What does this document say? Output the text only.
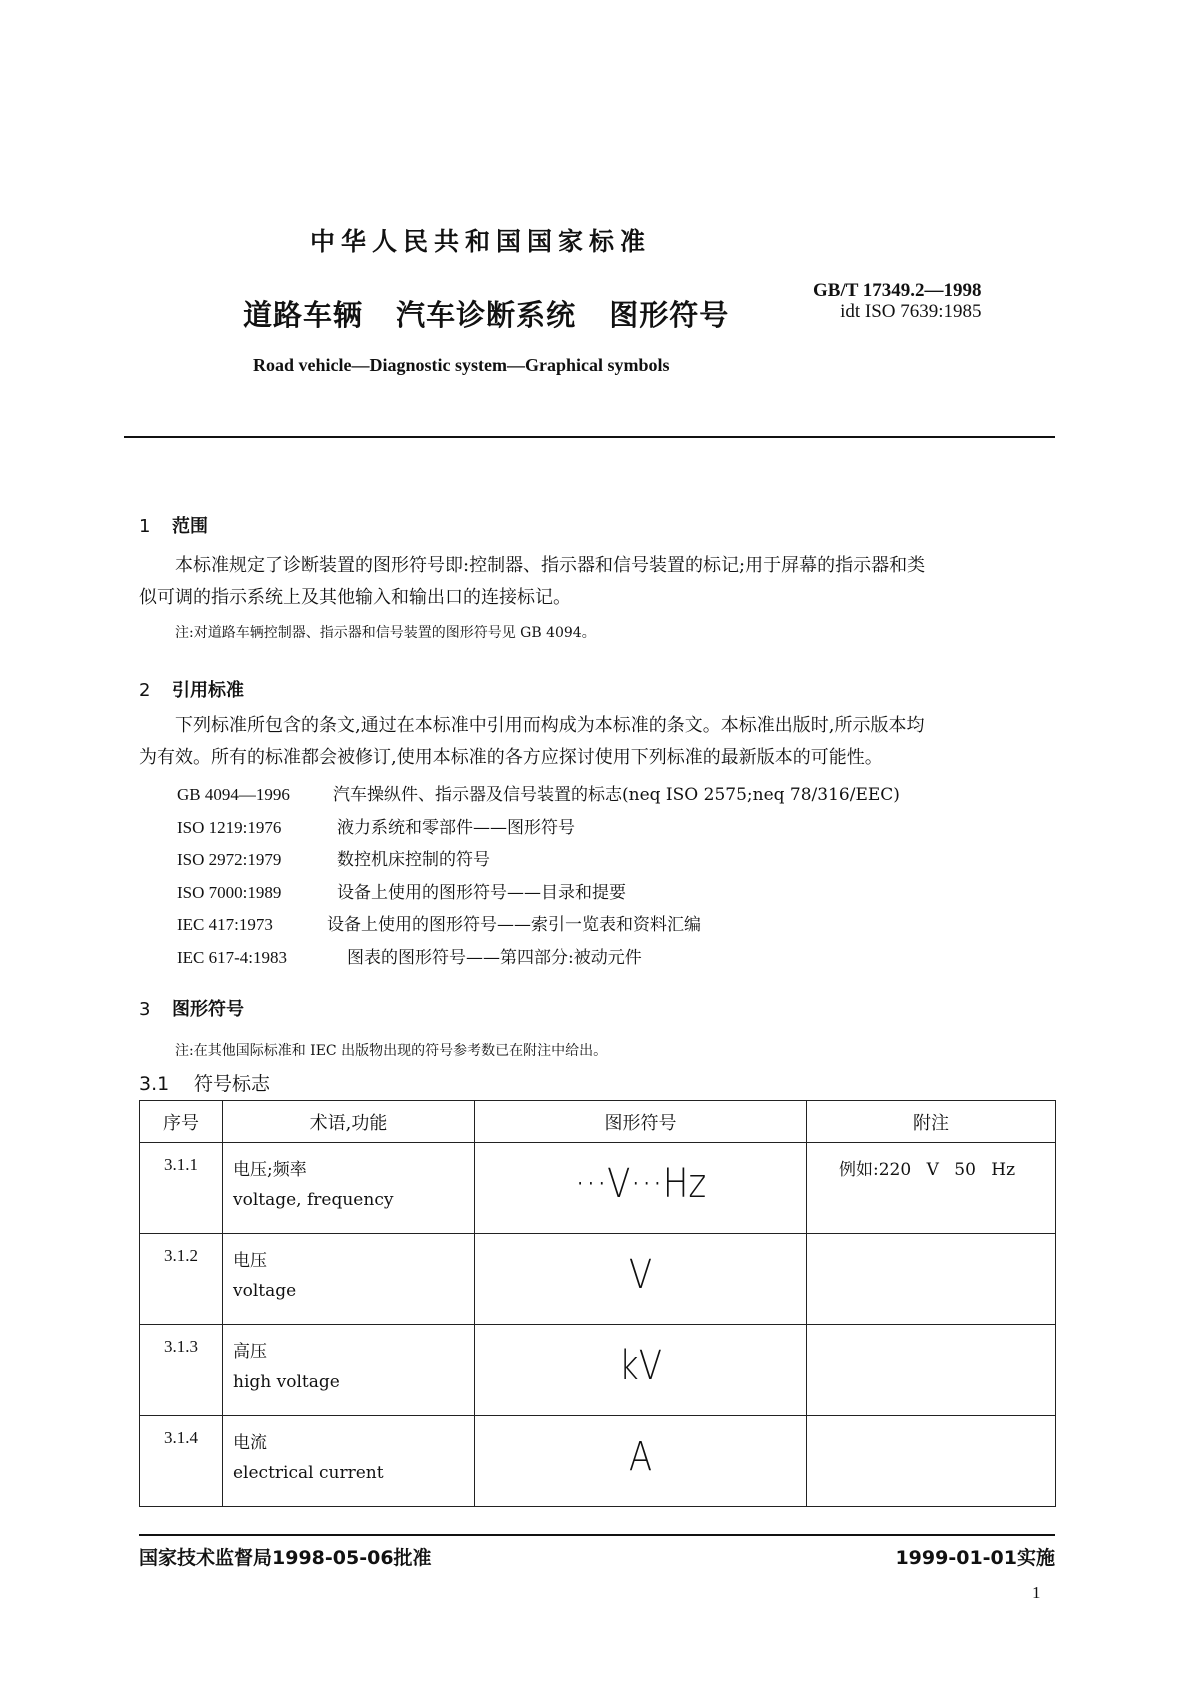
中华人民共和国国家标准
道路车辆 汽车诊断系统 图形符号
GB/T 17349.2—1998
idt ISO 7639:1985
Road vehicle—Diagnostic system—Graphical symbols
1 范围
本标准规定了诊断装置的图形符号即:控制器、指示器和信号装置的标记;用于屏幕的指示器和类
似可调的指示系统上及其他输入和输出口的连接标记。
注:对道路车辆控制器、指示器和信号装置的图形符号见 GB 4094。
2 引用标准
下列标准所包含的条文,通过在本标准中引用而构成为本标准的条文。本标准出版时,所示版本均
为有效。所有的标准都会被修订,使用本标准的各方应探讨使用下列标准的最新版本的可能性。
GB 4094—1996	汽车操纵件、指示器及信号装置的标志(neq ISO 2575;neq 78/316/EEC)
ISO 1219:1976	液力系统和零部件——图形符号
ISO 2972:1979	数控机床控制的符号
ISO 7000:1989	设备上使用的图形符号——目录和提要
IEC 417:1973	设备上使用的图形符号——索引一览表和资料汇编
IEC 617-4:1983	图表的图形符号——第四部分:被动元件
3 图形符号
注:在其他国际标准和 IEC 出版物出现的符号参考数已在附注中给出。
3.1 符号标志
序号	术语,功能	图形符号	附注
3.1.1	电压;频率
voltage, frequency	···V···Hz	例如:220 V 50 Hz

3.1.2	电压
voltage	V	

3.1.3	高压
high voltage	kV	

3.1.4	电流
electrical current	A	

国家技术监督局1998-05-06批准	1999-01-01实施
1
